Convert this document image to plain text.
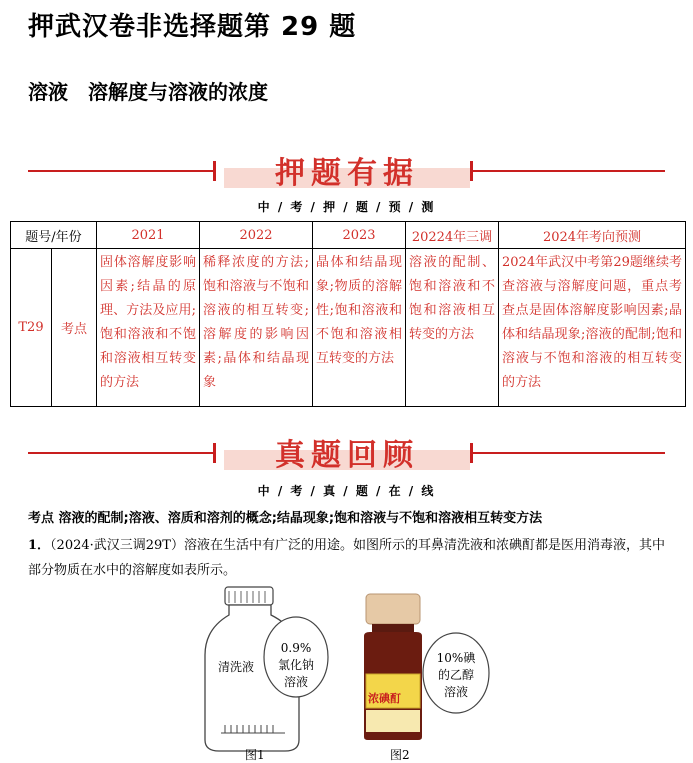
押武汉卷非选择题第 29 题
溶液　溶解度与溶液的浓度
押题有据
中 / 考 / 押 / 题 / 预 / 测
题号/年份		2021	2022	2023	20224年三调	2024年考向预测
T29	考点	固体溶解度影响因素;结晶的原理、方法及应用;饱和溶液和不饱和溶液相互转变的方法	稀释浓度的方法;饱和溶液与不饱和溶液的相互转变;溶解度的影响因素;晶体和结晶现象	晶体和结晶现象;物质的溶解性;饱和溶液和不饱和溶液相互转变的方法	溶液的配制、饱和溶液和不饱和溶液相互转变的方法	2024年武汉中考第29题继续考查溶液与溶解度问题，重点考查点是固体溶解度影响因素;晶体和结晶现象;溶液的配制;饱和溶液与不饱和溶液的相互转变的方法
真题回顾
中 / 考 / 真 / 题 / 在 / 线
考点 溶液的配制;溶液、溶质和溶剂的概念;结晶现象;饱和溶液与不饱和溶液相互转变方法
1．（2024·武汉三调29T）溶液在生活中有广泛的用途。如图所示的耳鼻清洗液和浓碘酊都是医用消毒液，其中部分物质在水中的溶解度如表所示。
清洗液
0.9%
氯化钠
溶液
图1
浓碘酊
10%碘
的乙醇
溶液
图2
